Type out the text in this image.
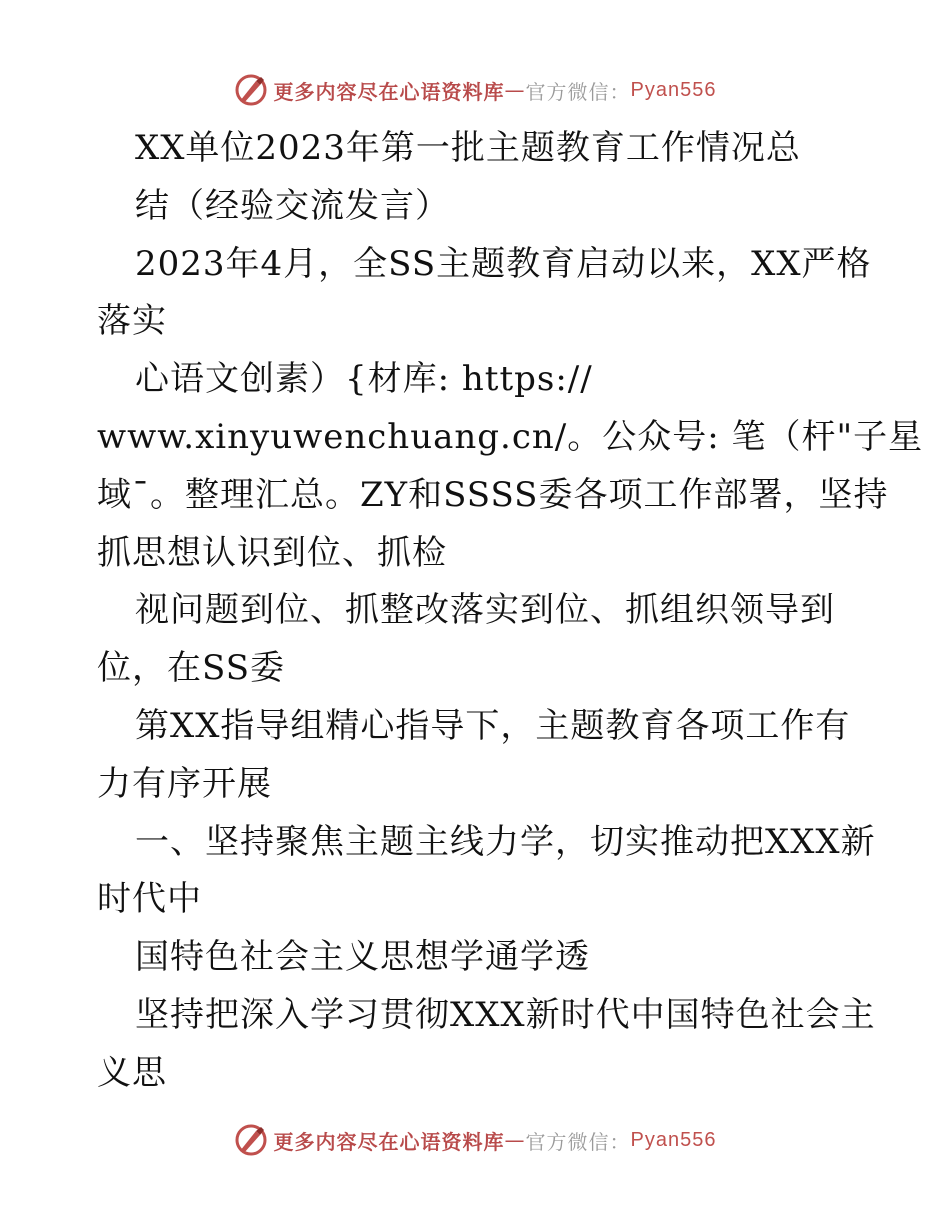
更多内容尽在心语资料库 — 官方微信 ： Pyan556
XX单位2023年第一批主题教育工作情况总
结（经验交流发言）
2023年4月，全SS主题教育启动以来，XX严格
落实
心语文创素）{材库: https://
www.xinyuwenchuang.cn/。公众号: 笔（杆"子星
域¯。整理汇总。ZY和SSSS委各项工作部署，坚持
抓思想认识到位、抓检
视问题到位、抓整改落实到位、抓组织领导到
位，在SS委
第XX指导组精心指导下，主题教育各项工作有
力有序开展
一、坚持聚焦主题主线力学，切实推动把XXX新
时代中
国特色社会主义思想学通学透
坚持把深入学习贯彻XXX新时代中国特色社会主
义思
更多内容尽在心语资料库 — 官方微信 ： Pyan556
